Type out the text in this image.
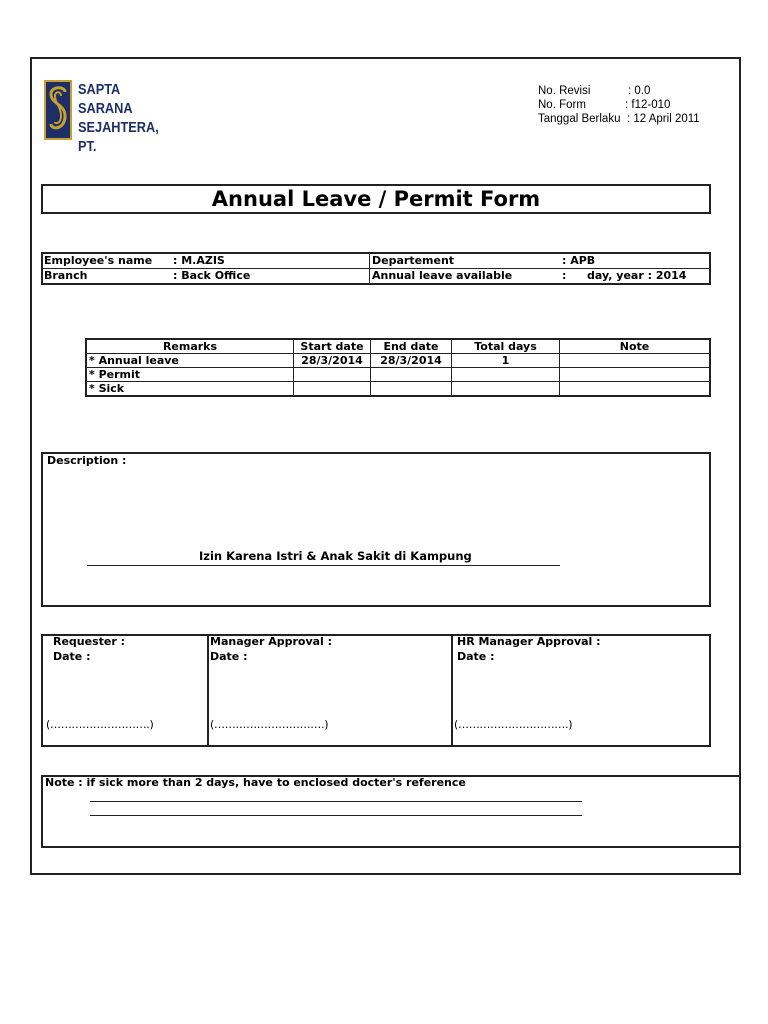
SAPTA
SARANA
SEJAHTERA, PT.
No. Revisi	: 0.0
No. Form	: f12-010
Tanggal Berlaku : 12 April 2011
Annual Leave / Permit Form
Employee's name : M.AZIS	Departement	: APB
Branch	: Back Office	Annual leave available	: day, year : 2014
Remarks	Start date	End date	Total days	Note
* Annual leave	28/3/2014	28/3/2014	1	
* Permit				
* Sick				
Description :
Izin Karena Istri & Anak Sakit di Kampung
Requester :
Date :
(……………………….)
Manager Approval :
Date :
(………………………….)
HR Manager Approval :
Date :
(………………………….)
Note : if sick more than 2 days, have to enclosed docter's reference
